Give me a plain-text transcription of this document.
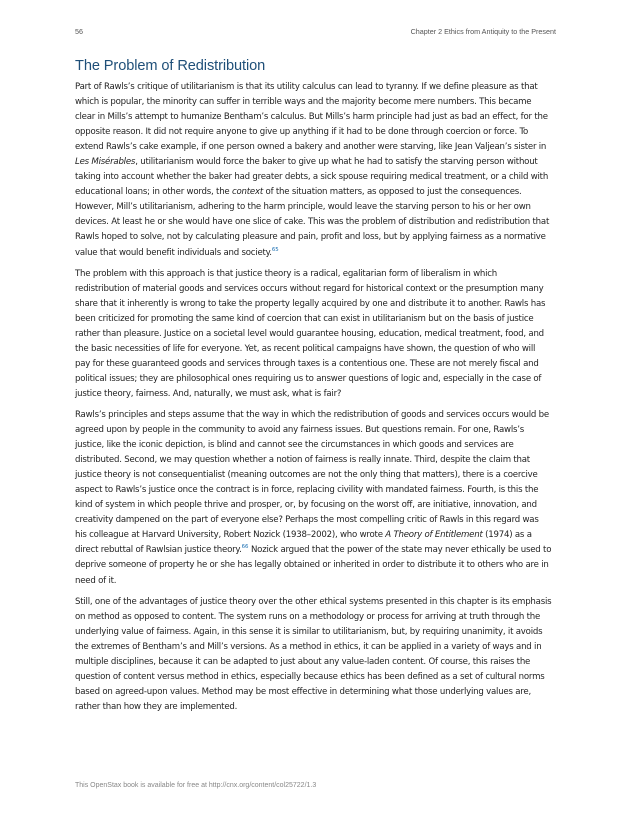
56	Chapter 2 Ethics from Antiquity to the Present
The Problem of Redistribution

Part of Rawls’s critique of utilitarianism is that its utility calculus can lead to tyranny. If we define pleasure as that which is popular, the minority can suffer in terrible ways and the majority become mere numbers. This became clear in Mills’s attempt to humanize Bentham’s calculus. But Mills’s harm principle had just as bad an effect, for the opposite reason. It did not require anyone to give up anything if it had to be done through coercion or force. To extend Rawls’s cake example, if one person owned a bakery and another were starving, like Jean Valjean’s sister in Les Misérables, utilitarianism would force the baker to give up what he had to satisfy the starving person without taking into account whether the baker had greater debts, a sick spouse requiring medical treatment, or a child with educational loans; in other words, the context of the situation matters, as opposed to just the consequences. However, Mill’s utilitarianism, adhering to the harm principle, would leave the starving person to his or her own devices. At least he or she would have one slice of cake. This was the problem of distribution and redistribution that Rawls hoped to solve, not by calculating pleasure and pain, profit and loss, but by applying fairness as a normative value that would benefit individuals and society.$^{65}$

The problem with this approach is that justice theory is a radical, egalitarian form of liberalism in which redistribution of material goods and services occurs without regard for historical context or the presumption many share that it inherently is wrong to take the property legally acquired by one and distribute it to another. Rawls has been criticized for promoting the same kind of coercion that can exist in utilitarianism but on the basis of justice rather than pleasure. Justice on a societal level would guarantee housing, education, medical treatment, food, and the basic necessities of life for everyone. Yet, as recent political campaigns have shown, the question of who will pay for these guaranteed goods and services through taxes is a contentious one. These are not merely fiscal and political issues; they are philosophical ones requiring us to answer questions of logic and, especially in the case of justice theory, fairness. And, naturally, we must ask, what is fair?

Rawls’s principles and steps assume that the way in which the redistribution of goods and services occurs would be agreed upon by people in the community to avoid any fairness issues. But questions remain. For one, Rawls’s justice, like the iconic depiction, is blind and cannot see the circumstances in which goods and services are distributed. Second, we may question whether a notion of fairness is really innate. Third, despite the claim that justice theory is not consequentialist (meaning outcomes are not the only thing that matters), there is a coercive aspect to Rawls’s justice once the contract is in force, replacing civility with mandated fairness. Fourth, is this the kind of system in which people thrive and prosper, or, by focusing on the worst off, are initiative, innovation, and creativity dampened on the part of everyone else? Perhaps the most compelling critic of Rawls in this regard was his colleague at Harvard University, Robert Nozick (1938–2002), who wrote A Theory of Entitlement (1974) as a direct rebuttal of Rawlsian justice theory.$^{66}$ Nozick argued that the power of the state may never ethically be used to deprive someone of property he or she has legally obtained or inherited in order to distribute it to others who are in need of it.

Still, one of the advantages of justice theory over the other ethical systems presented in this chapter is its emphasis on method as opposed to content. The system runs on a methodology or process for arriving at truth through the underlying value of fairness. Again, in this sense it is similar to utilitarianism, but, by requiring unanimity, it avoids the extremes of Bentham’s and Mill’s versions. As a method in ethics, it can be applied in a variety of ways and in multiple disciplines, because it can be adapted to just about any value-laden content. Of course, this raises the question of content versus method in ethics, especially because ethics has been defined as a set of cultural norms based on agreed-upon values. Method may be most effective in determining what those underlying values are, rather than how they are implemented.

This OpenStax book is available for free at http://cnx.org/content/col25722/1.3
